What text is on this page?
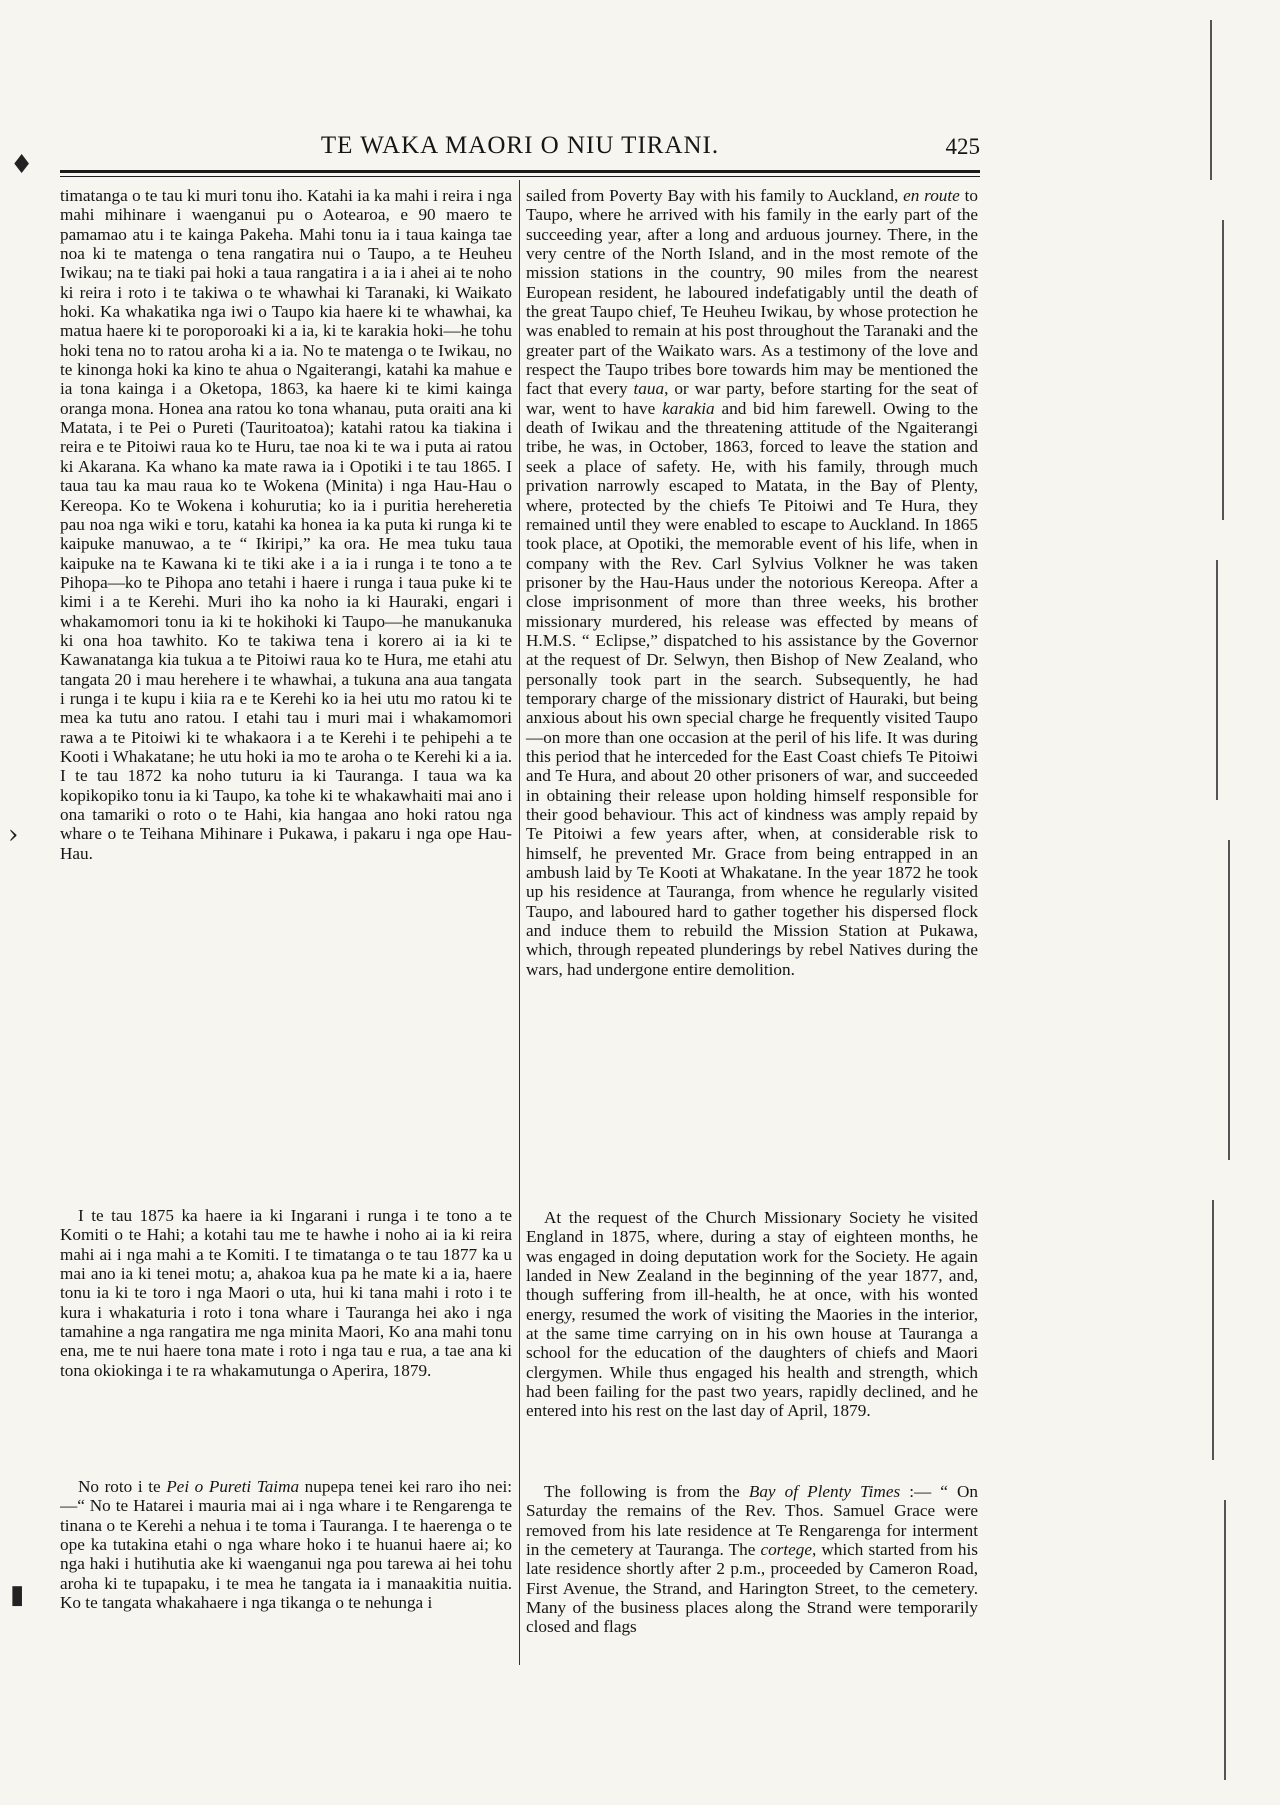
TE WAKA MAORI O NIU TIRANI.	425

timatanga o te tau ki muri tonu iho. Katahi ia ka mahi i reira i nga mahi mihinare i waenganui pu o Aotearoa, e 90 maero te pamamao atu i te kainga Pakeha. Mahi tonu ia i taua kainga tae noa ki te matenga o tena rangatira nui o Taupo, a te Heuheu Iwikau; na te tiaki pai hoki a taua rangatira i a ia i ahei ai te noho ki reira i roto i te takiwa o te whawhai ki Taranaki, ki Waikato hoki. Ka whakatika nga iwi o Taupo kia haere ki te whawhai, ka matua haere ki te poroporoaki ki a ia, ki te karakia hoki—he tohu hoki tena no to ratou aroha ki a ia. No te matenga o te Iwikau, no te kinonga hoki ka kino te ahua o Ngaiterangi, katahi ka mahue e ia tona kainga i a Oketopa, 1863, ka haere ki te kimi kainga oranga mona. Honea ana ratou ko tona whanau, puta oraiti ana ki Matata, i te Pei o Pureti (Tauritoatoa); katahi ratou ka tiakina i reira e te Pitoiwi raua ko te Huru, tae noa ki te wa i puta ai ratou ki Akarana. Ka whano ka mate rawa ia i Opotiki i te tau 1865. I taua tau ka mau raua ko te Wokena (Minita) i nga Hau-Hau o Kereopa. Ko te Wokena i kohurutia; ko ia i puritia hereheretia pau noa nga wiki e toru, katahi ka honea ia ka puta ki runga ki te kaipuke manuwao, a te “ Ikiripi,” ka ora. He mea tuku taua kaipuke na te Kawana ki te tiki ake i a ia i runga i te tono a te Pihopa—ko te Pihopa ano tetahi i haere i runga i taua puke ki te kimi i a te Kerehi. Muri iho ka noho ia ki Hauraki, engari i whakamomori tonu ia ki te hokihoki ki Taupo—he manukanuka ki ona hoa tawhito. Ko te takiwa tena i korero ai ia ki te Kawanatanga kia tukua a te Pitoiwi raua ko te Hura, me etahi atu tangata 20 i mau herehere i te whawhai, a tukuna ana aua tangata i runga i te kupu i kiia ra e te Kerehi ko ia hei utu mo ratou ki te mea ka tutu ano ratou. I etahi tau i muri mai i whakamomori rawa a te Pitoiwi ki te whakaora i a te Kerehi i te pehipehi a te Kooti i Whakatane; he utu hoki ia mo te aroha o te Kerehi ki a ia. I te tau 1872 ka noho tuturu ia ki Tauranga. I taua wa ka kopikopiko tonu ia ki Taupo, ka tohe ki te whakawhaiti mai ano i ona tamariki o roto o te Hahi, kia hangaa ano hoki ratou nga whare o te Teihana Mihinare i Pukawa, i pakaru i nga ope Hau-Hau.

I te tau 1875 ka haere ia ki Ingarani i runga i te tono a te Komiti o te Hahi; a kotahi tau me te hawhe i noho ai ia ki reira mahi ai i nga mahi a te Komiti. I te timatanga o te tau 1877 ka u mai ano ia ki tenei motu; a, ahakoa kua pa he mate ki a ia, haere tonu ia ki te toro i nga Maori o uta, hui ki tana mahi i roto i te kura i whakaturia i roto i tona whare i Tauranga hei ako i nga tamahine a nga rangatira me nga minita Maori, Ko ana mahi tonu ena, me te nui haere tona mate i roto i nga tau e rua, a tae ana ki tona okiokinga i te ra whakamutunga o Aperira, 1879.

No roto i te Pei o Pureti Taima nupepa tenei kei raro iho nei:—“ No te Hatarei i mauria mai ai i nga whare i te Rengarenga te tinana o te Kerehi a nehua i te toma i Tauranga. I te haerenga o te ope ka tutakina etahi o nga whare hoko i te huanui haere ai; ko nga haki i hutihutia ake ki waenganui nga pou tarewa ai hei tohu aroha ki te tupapaku, i te mea he tangata ia i manaakitia nuitia. Ko te tangata whakahaere i nga tikanga o te nehunga i

sailed from Poverty Bay with his family to Auckland, en route to Taupo, where he arrived with his family in the early part of the succeeding year, after a long and arduous journey. There, in the very centre of the North Island, and in the most remote of the mission stations in the country, 90 miles from the nearest European resident, he laboured indefatigably until the death of the great Taupo chief, Te Heuheu Iwikau, by whose protection he was enabled to remain at his post throughout the Taranaki and the greater part of the Waikato wars. As a testimony of the love and respect the Taupo tribes bore towards him may be mentioned the fact that every taua, or war party, before starting for the seat of war, went to have karakia and bid him farewell. Owing to the death of Iwikau and the threatening attitude of the Ngaiterangi tribe, he was, in October, 1863, forced to leave the station and seek a place of safety. He, with his family, through much privation narrowly escaped to Matata, in the Bay of Plenty, where, protected by the chiefs Te Pitoiwi and Te Hura, they remained until they were enabled to escape to Auckland. In 1865 took place, at Opotiki, the memorable event of his life, when in company with the Rev. Carl Sylvius Volkner he was taken prisoner by the Hau-Haus under the notorious Kereopa. After a close imprisonment of more than three weeks, his brother missionary murdered, his release was effected by means of H.M.S. “ Eclipse,” dispatched to his assistance by the Governor at the request of Dr. Selwyn, then Bishop of New Zealand, who personally took part in the search. Subsequently, he had temporary charge of the missionary district of Hauraki, but being anxious about his own special charge he frequently visited Taupo—on more than one occasion at the peril of his life. It was during this period that he interceded for the East Coast chiefs Te Pitoiwi and Te Hura, and about 20 other prisoners of war, and succeeded in obtaining their release upon holding himself responsible for their good behaviour. This act of kindness was amply repaid by Te Pitoiwi a few years after, when, at considerable risk to himself, he prevented Mr. Grace from being entrapped in an ambush laid by Te Kooti at Whakatane. In the year 1872 he took up his residence at Tauranga, from whence he regularly visited Taupo, and laboured hard to gather together his dispersed flock and induce them to rebuild the Mission Station at Pukawa, which, through repeated plunderings by rebel Natives during the wars, had undergone entire demolition.

At the request of the Church Missionary Society he visited England in 1875, where, during a stay of eighteen months, he was engaged in doing deputation work for the Society. He again landed in New Zealand in the beginning of the year 1877, and, though suffering from ill-health, he at once, with his wonted energy, resumed the work of visiting the Maories in the interior, at the same time carrying on in his own house at Tauranga a school for the education of the daughters of chiefs and Maori clergymen. While thus engaged his health and strength, which had been failing for the past two years, rapidly declined, and he entered into his rest on the last day of April, 1879.

The following is from the Bay of Plenty Times :— “ On Saturday the remains of the Rev. Thos. Samuel Grace were removed from his late residence at Te Rengarenga for interment in the cemetery at Tauranga. The cortege, which started from his late residence shortly after 2 p.m., proceeded by Cameron Road, First Avenue, the Strand, and Harington Street, to the cemetery. Many of the business places along the Strand were temporarily closed and flags

♦
›
▮
